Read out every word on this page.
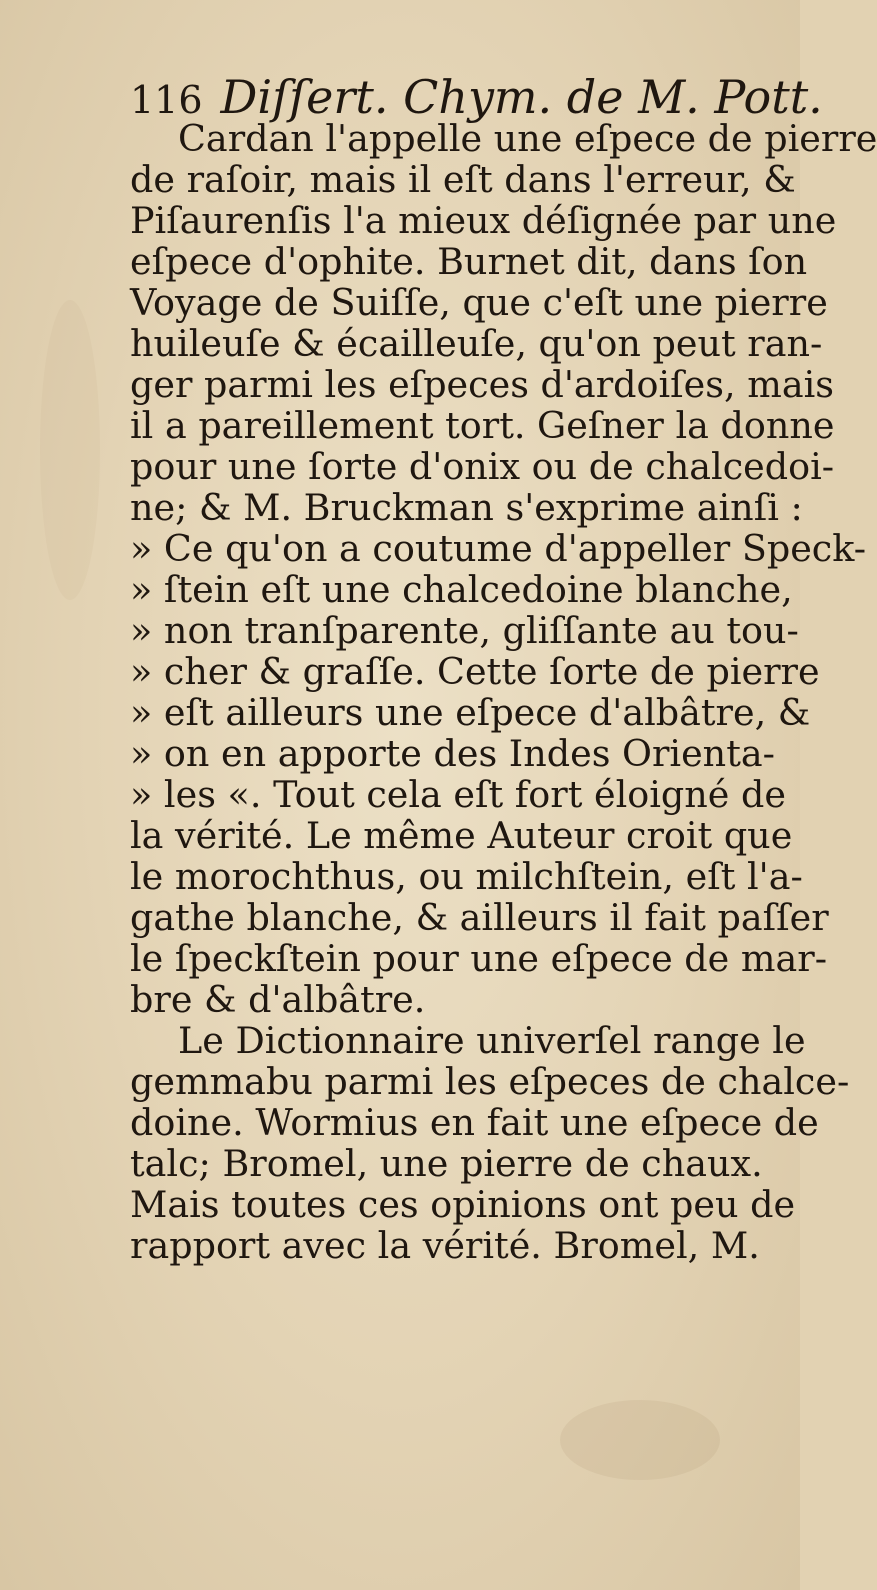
116 Diſſert. Chym. de M. Pott.
Cardan l'appelle une eſpece de pierre
de raſoir, mais il eſt dans l'erreur, &
Piſaurenſis l'a mieux déſignée par une
eſpece d'ophite. Burnet dit, dans ſon
Voyage de Suiſſe, que c'eſt une pierre
huileuſe & écailleuſe, qu'on peut ran-
ger parmi les eſpeces d'ardoiſes, mais
il a pareillement tort. Geſner la donne
pour une ſorte d'onix ou de chalcedoi-
ne; & M. Bruckman s'exprime ainſi :
» Ce qu'on a coutume d'appeller Speck-
» ſtein eſt une chalcedoine blanche,
» non tranſparente, gliſſante au tou-
» cher & graſſe. Cette ſorte de pierre
» eſt ailleurs une eſpece d'albâtre, &
» on en apporte des Indes Orienta-
» les «. Tout cela eſt fort éloigné de
la vérité. Le même Auteur croit que
le morochthus, ou milchſtein, eſt l'a-
gathe blanche, & ailleurs il fait paſſer
le ſpeckſtein pour une eſpece de mar-
bre & d'albâtre.
Le Dictionnaire univerſel range le
gemmabu parmi les eſpeces de chalce-
doine. Wormius en fait une eſpece de
talc; Bromel, une pierre de chaux.
Mais toutes ces opinions ont peu de
rapport avec la vérité. Bromel, M.
